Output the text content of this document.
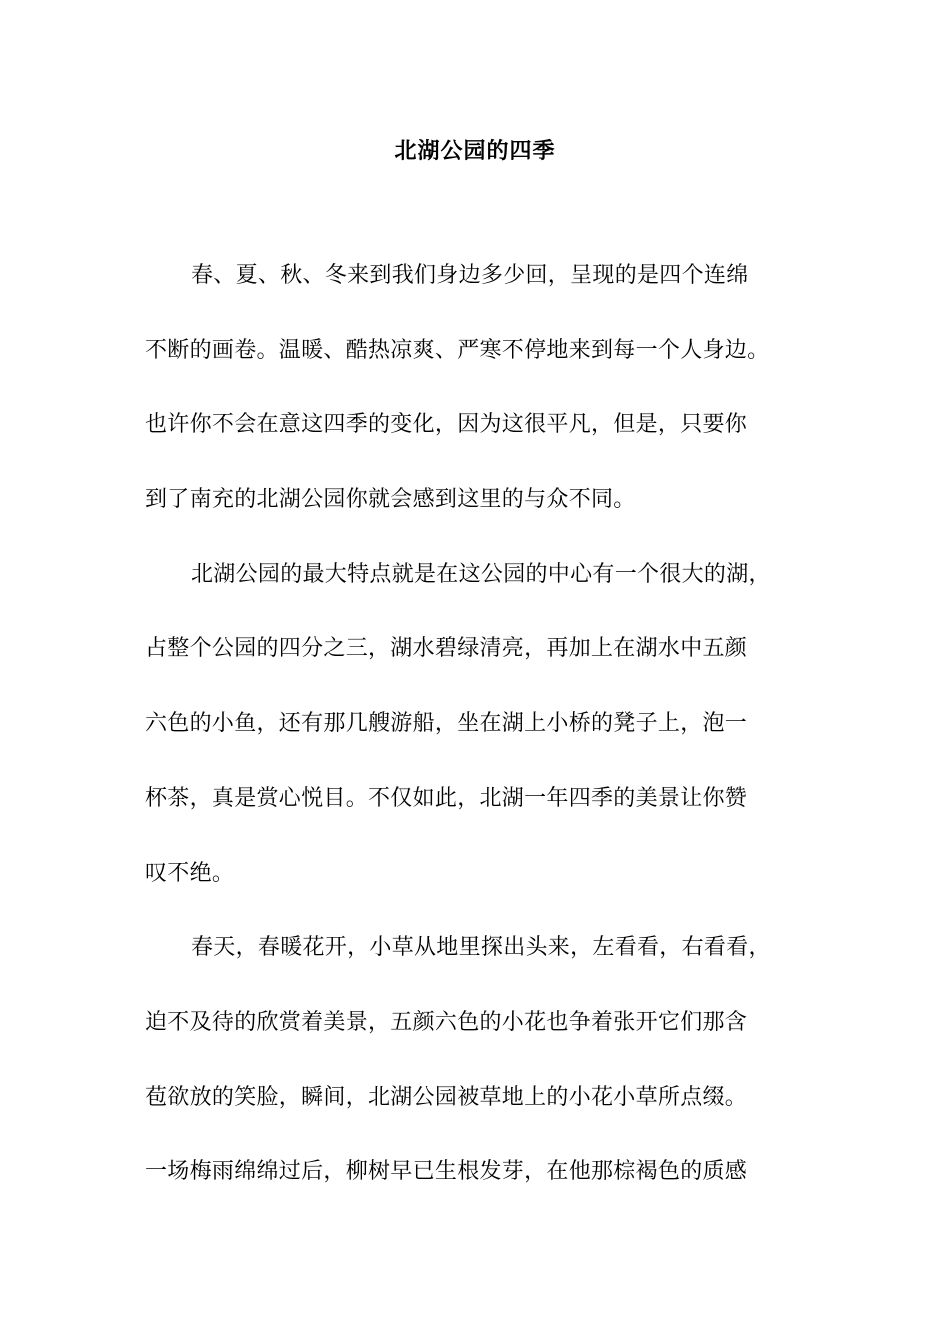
北湖公园的四季
春、夏、秋、冬来到我们身边多少回，呈现的是四个连绵
不断的画卷。温暖、酷热凉爽、严寒不停地来到每一个人身边。
也许你不会在意这四季的变化，因为这很平凡，但是，只要你
到了南充的北湖公园你就会感到这里的与众不同。
北湖公园的最大特点就是在这公园的中心有一个很大的湖，
占整个公园的四分之三，湖水碧绿清亮，再加上在湖水中五颜
六色的小鱼，还有那几艘游船，坐在湖上小桥的凳子上，泡一
杯茶，真是赏心悦目。不仅如此，北湖一年四季的美景让你赞
叹不绝。
春天，春暖花开，小草从地里探出头来，左看看，右看看，
迫不及待的欣赏着美景，五颜六色的小花也争着张开它们那含
苞欲放的笑脸，瞬间，北湖公园被草地上的小花小草所点缀。
一场梅雨绵绵过后，柳树早已生根发芽，在他那棕褐色的质感
